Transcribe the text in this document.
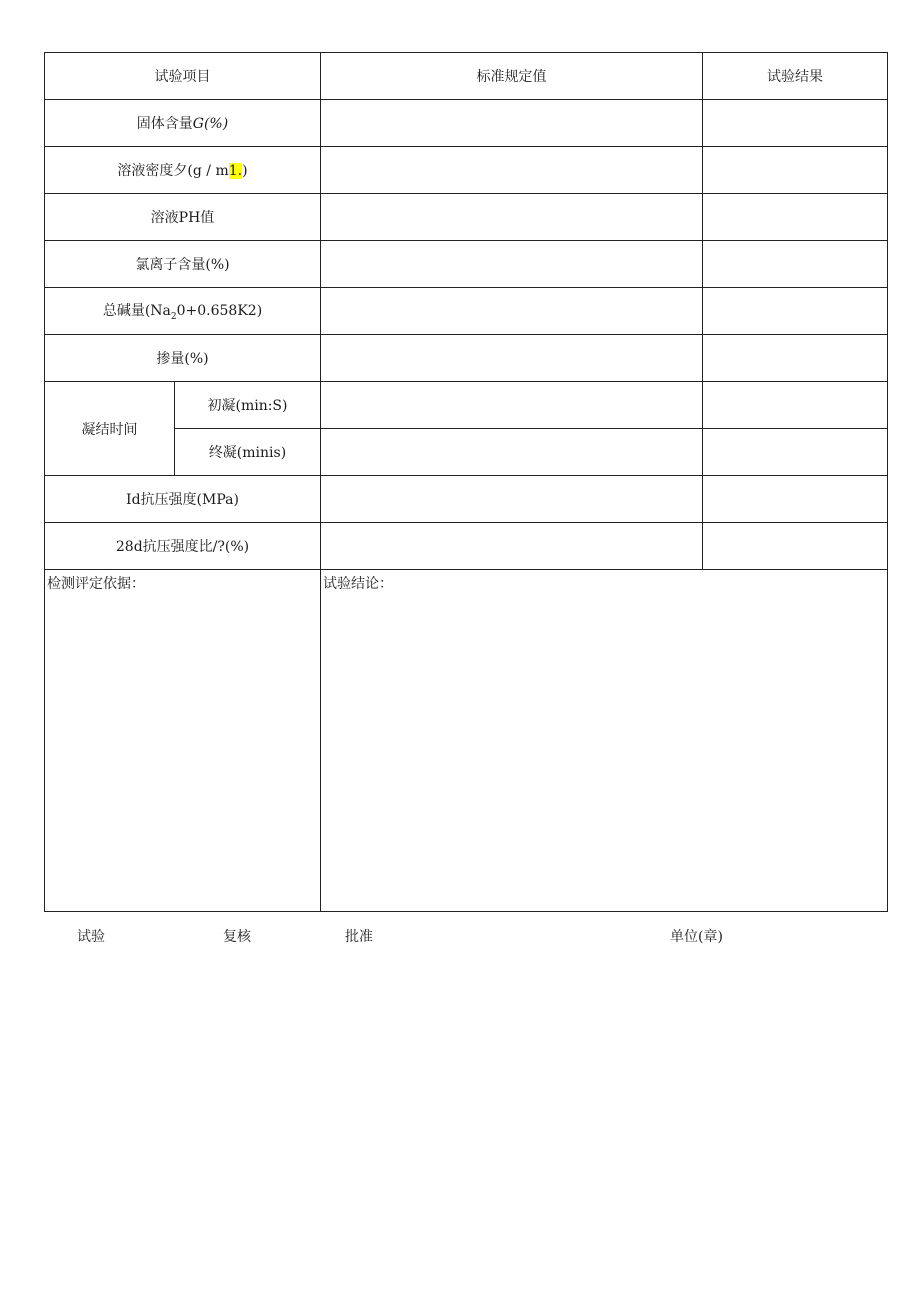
试验项目		标准规定值	试验结果
固体含量G(%)			
溶液密度夕(g / m1.)			
溶液PH值			
氯离子含量(%)			
总碱量$(Na_20+0.658K2)$			
掺量(%)			
凝结时间	初凝(min:S)		
	终凝(minis)		
Id抗压强度(MPa)			
28d抗压强度比/?(%)			
检测评定依据：		试验结论：	
试验	复核	批准	单位(章)
